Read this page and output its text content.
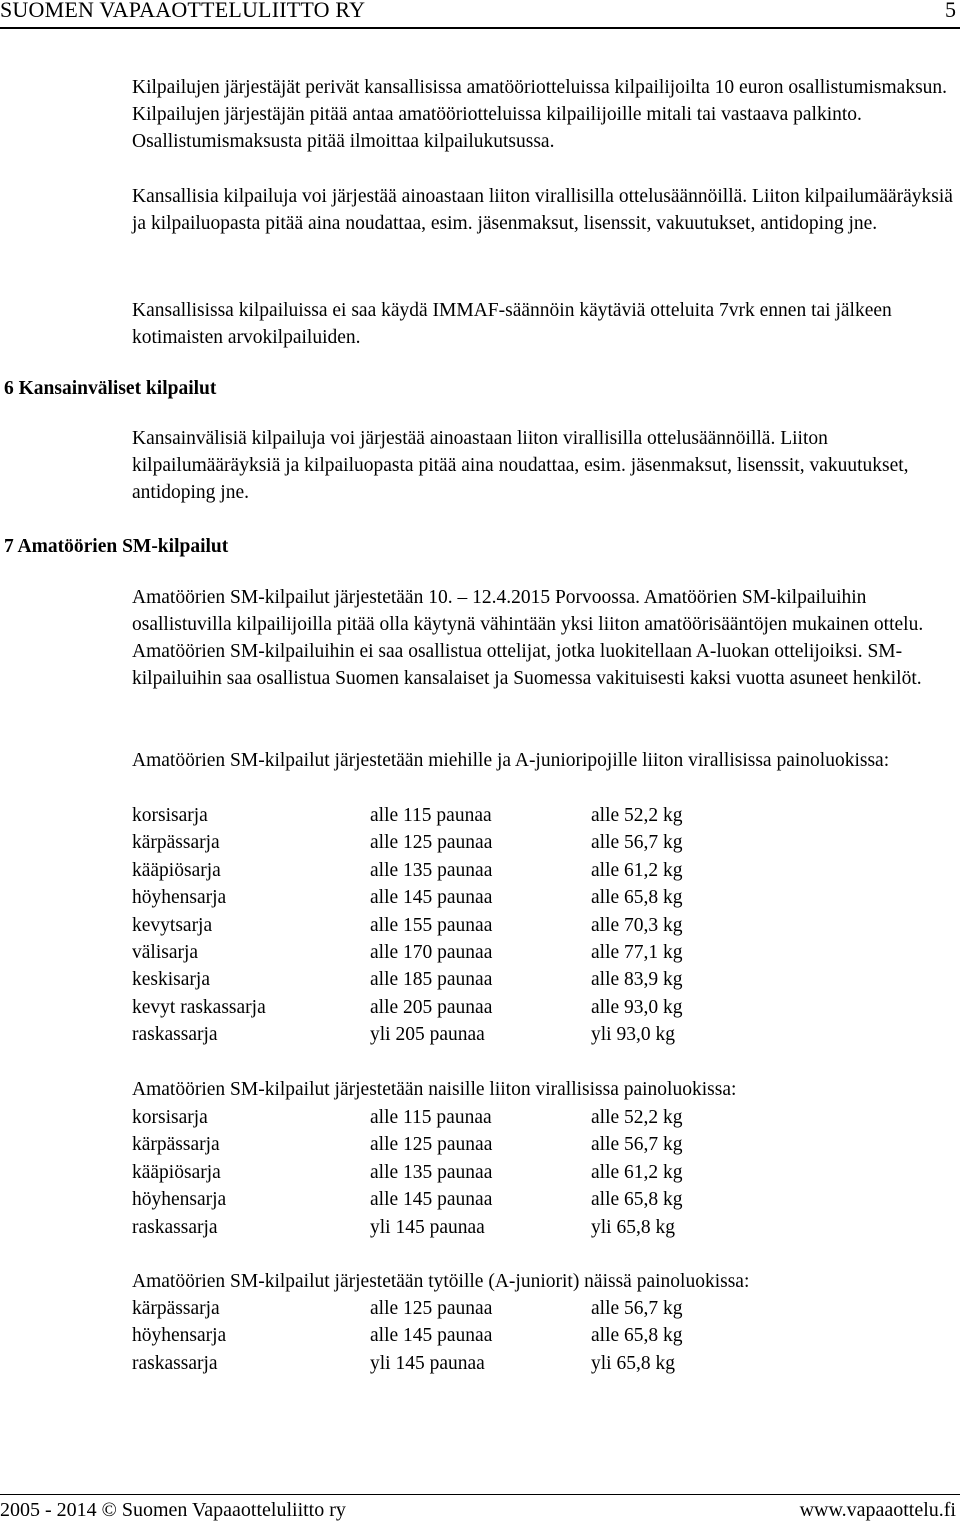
SUOMEN VAPAAOTTELULIITTO RY	5
Kilpailujen järjestäjät perivät kansallisissa amatööriotteluissa kilpailijoilta 10 euron osallistumismaksun. Kilpailujen järjestäjän pitää antaa amatööriotteluissa kilpailijoille mitali tai vastaava palkinto. Osallistumismaksusta pitää ilmoittaa kilpailukutsussa.
Kansallisia kilpailuja voi järjestää ainoastaan liiton virallisilla ottelusäännöillä. Liiton kilpailumääräyksiä ja kilpailuopasta pitää aina noudattaa, esim. jäsenmaksut, lisenssit, vakuutukset, antidoping jne.
Kansallisissa kilpailuissa ei saa käydä IMMAF-säännöin käytäviä otteluita 7vrk ennen tai jälkeen kotimaisten arvokilpailuiden.
6 Kansainväliset kilpailut
Kansainvälisiä kilpailuja voi järjestää ainoastaan liiton virallisilla ottelusäännöillä. Liiton kilpailumääräyksiä ja kilpailuopasta pitää aina noudattaa, esim. jäsenmaksut, lisenssit, vakuutukset, antidoping jne.
7 Amatöörien SM-kilpailut
Amatöörien SM-kilpailut järjestetään 10. – 12.4.2015 Porvoossa. Amatöörien SM-kilpailuihin osallistuvilla kilpailijoilla pitää olla käytynä vähintään yksi liiton amatöörisääntöjen mukainen ottelu. Amatöörien SM-kilpailuihin ei saa osallistua ottelijat, jotka luokitellaan A-luokan ottelijoiksi. SM-kilpailuihin saa osallistua Suomen kansalaiset ja Suomessa vakituisesti kaksi vuotta asuneet henkilöt.
Amatöörien SM-kilpailut järjestetään miehille ja A-junioripojille liiton virallisissa painoluokissa:
korsisarja	alle 115 paunaa	alle 52,2 kg
kärpässarja	alle 125 paunaa	alle 56,7 kg
kääpiösarja	alle 135 paunaa	alle 61,2 kg
höyhensarja	alle 145 paunaa	alle 65,8 kg
kevytsarja	alle 155 paunaa	alle 70,3 kg
välisarja	alle 170 paunaa	alle 77,1 kg
keskisarja	alle 185 paunaa	alle 83,9 kg
kevyt raskassarja	alle 205 paunaa	alle 93,0 kg
raskassarja	yli 205 paunaa	yli 93,0 kg
Amatöörien SM-kilpailut järjestetään naisille liiton virallisissa painoluokissa:
korsisarja	alle 115 paunaa	alle 52,2 kg
kärpässarja	alle 125 paunaa	alle 56,7 kg
kääpiösarja	alle 135 paunaa	alle 61,2 kg
höyhensarja	alle 145 paunaa	alle 65,8 kg
raskassarja	yli 145 paunaa	yli 65,8 kg
Amatöörien SM-kilpailut järjestetään tytöille (A-juniorit) näissä painoluokissa:
kärpässarja	alle 125 paunaa	alle 56,7 kg
höyhensarja	alle 145 paunaa	alle 65,8 kg
raskassarja	yli 145 paunaa	yli 65,8 kg
2005 - 2014 © Suomen Vapaaotteluliitto ry	www.vapaaottelu.fi
